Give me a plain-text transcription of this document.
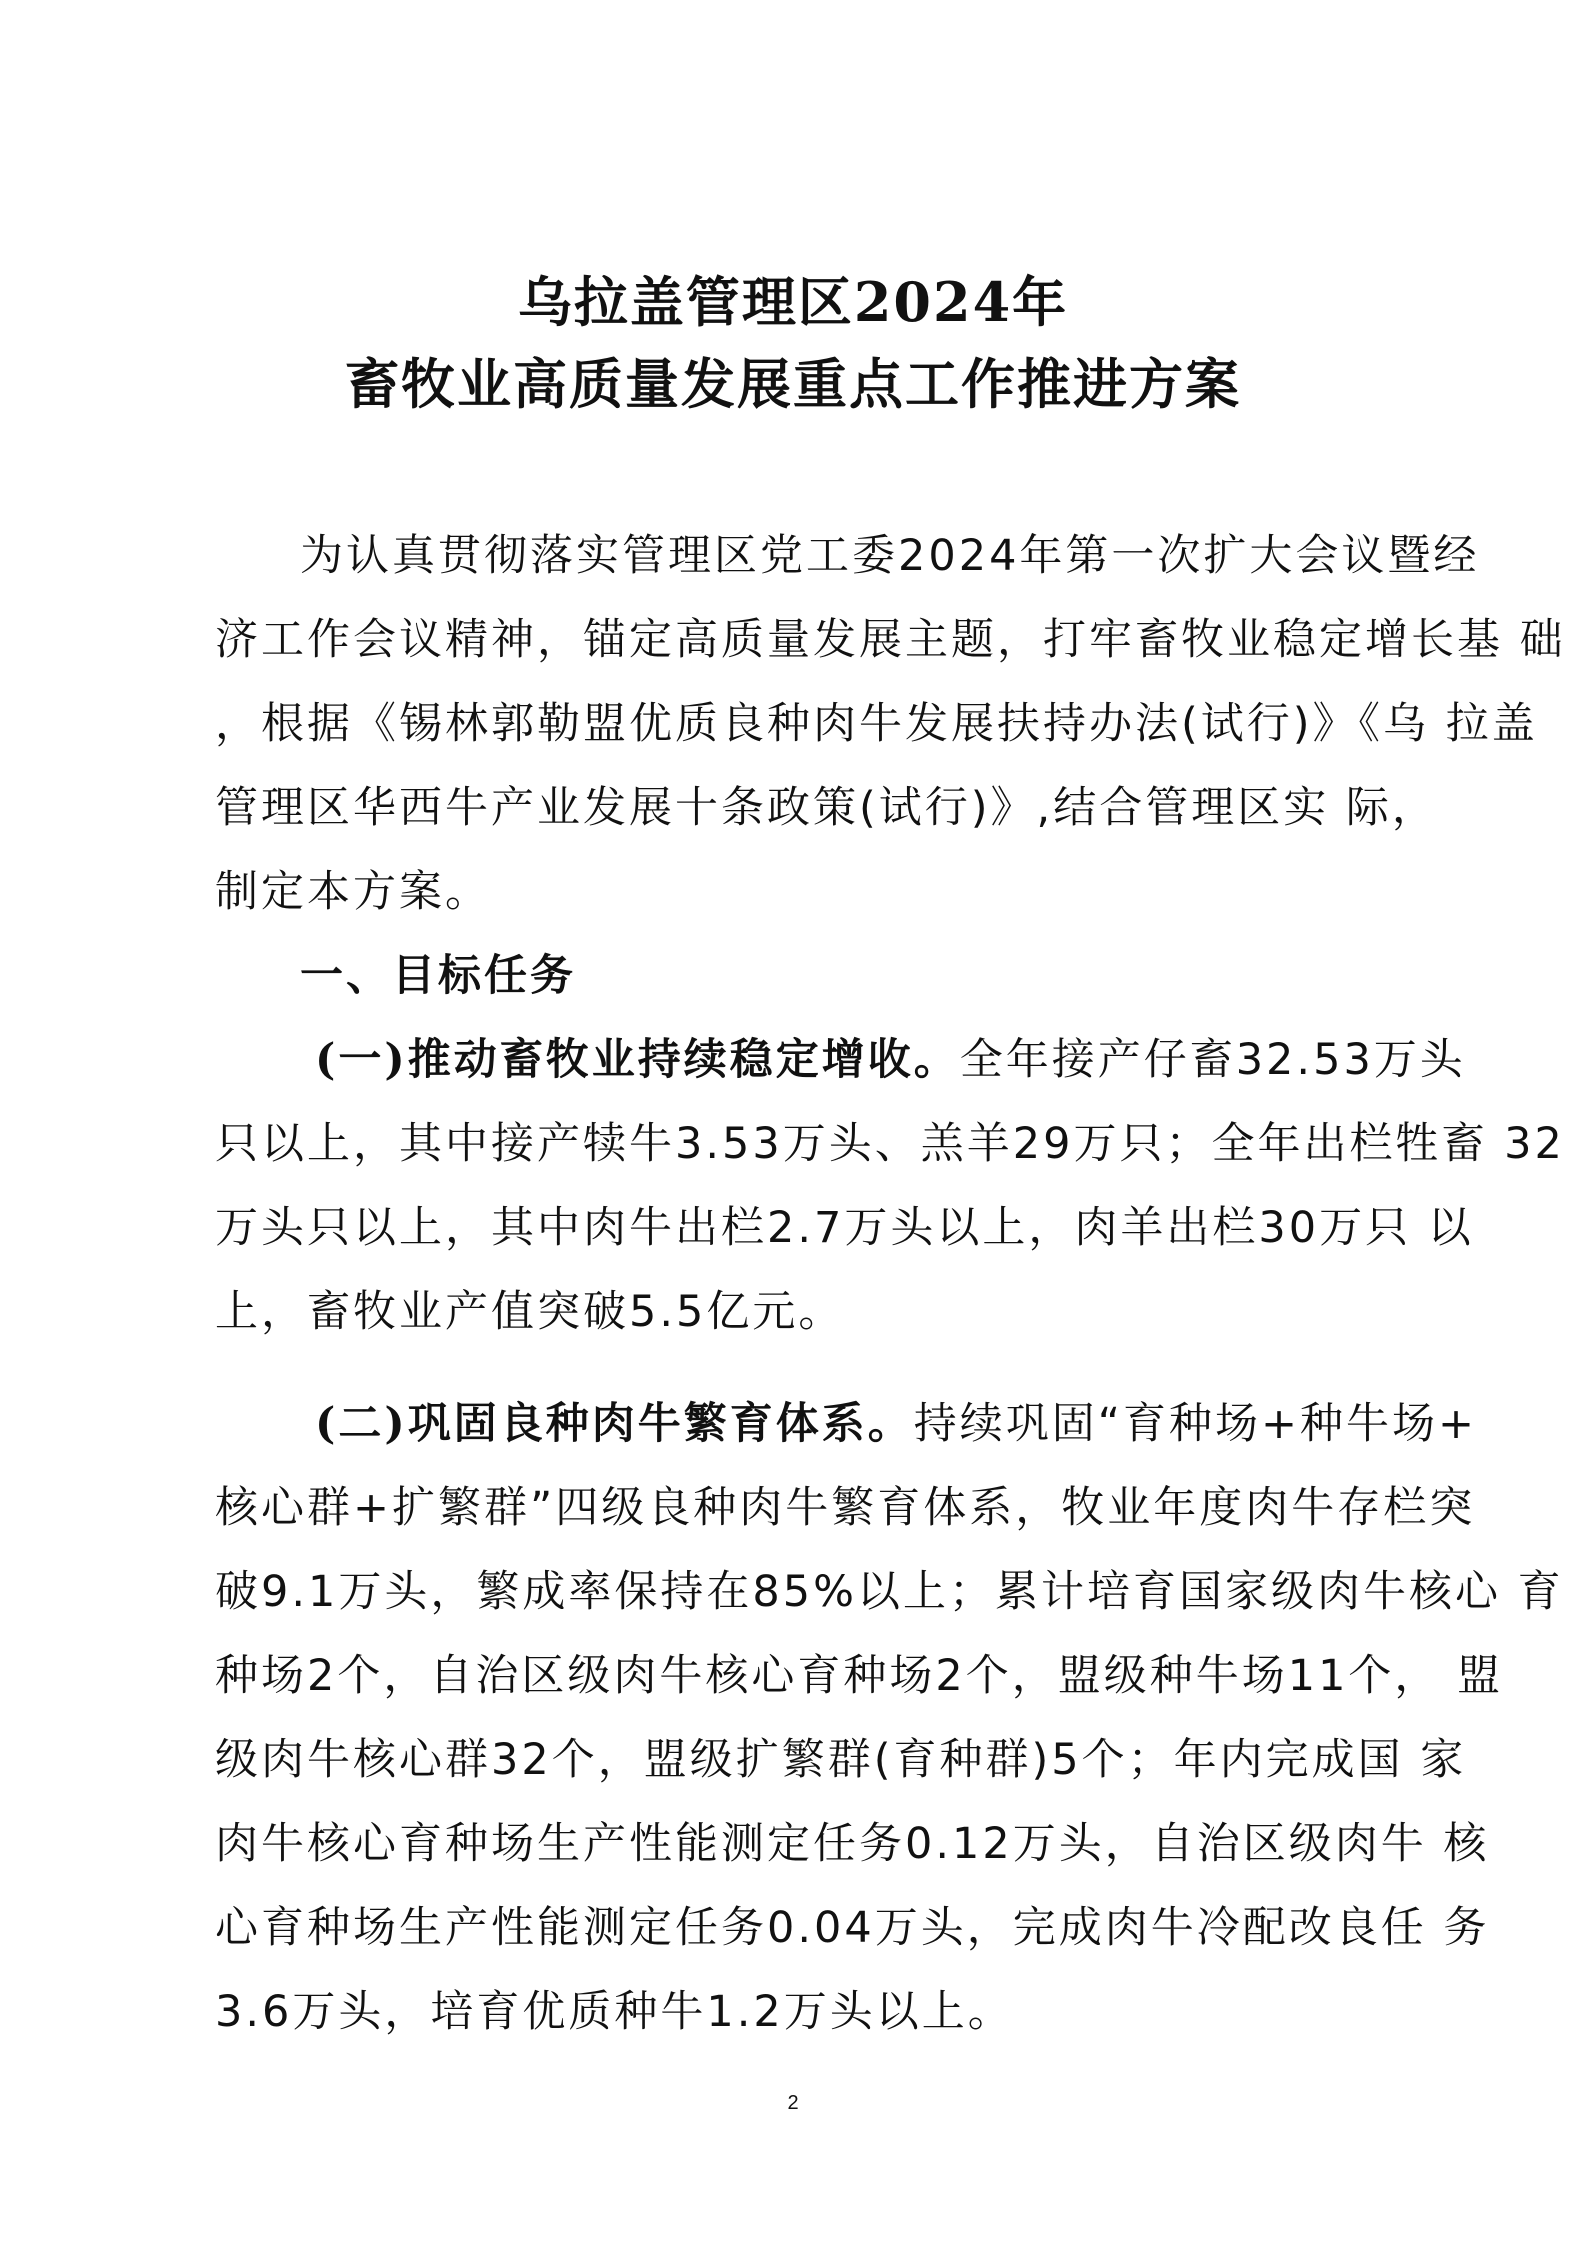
乌拉盖管理区2024年
畜牧业高质量发展重点工作推进方案
为认真贯彻落实管理区党工委2024年第一次扩大会议暨经
济工作会议精神，锚定高质量发展主题，打牢畜牧业稳定增长基 础
，根据《锡林郭勒盟优质良种肉牛发展扶持办法(试行)》《乌 拉盖
管理区华西牛产业发展十条政策(试行)》,结合管理区实 际，
制定本方案。
一、目标任务
(一)推动畜牧业持续稳定增收。全年接产仔畜32.53万头
只以上，其中接产犊牛3.53万头、羔羊29万只；全年出栏牲畜 32
万头只以上，其中肉牛出栏2.7万头以上，肉羊出栏30万只 以
上，畜牧业产值突破5.5亿元。
(二)巩固良种肉牛繁育体系。持续巩固“育种场+种牛场+
核心群+扩繁群”四级良种肉牛繁育体系，牧业年度肉牛存栏突
破9.1万头，繁成率保持在85%以上；累计培育国家级肉牛核心 育
种场2个，自治区级肉牛核心育种场2个，盟级种牛场11个， 盟
级肉牛核心群32个，盟级扩繁群(育种群)5个；年内完成国 家
肉牛核心育种场生产性能测定任务0.12万头，自治区级肉牛 核
心育种场生产性能测定任务0.04万头，完成肉牛冷配改良任 务
3.6万头，培育优质种牛1.2万头以上。
2
